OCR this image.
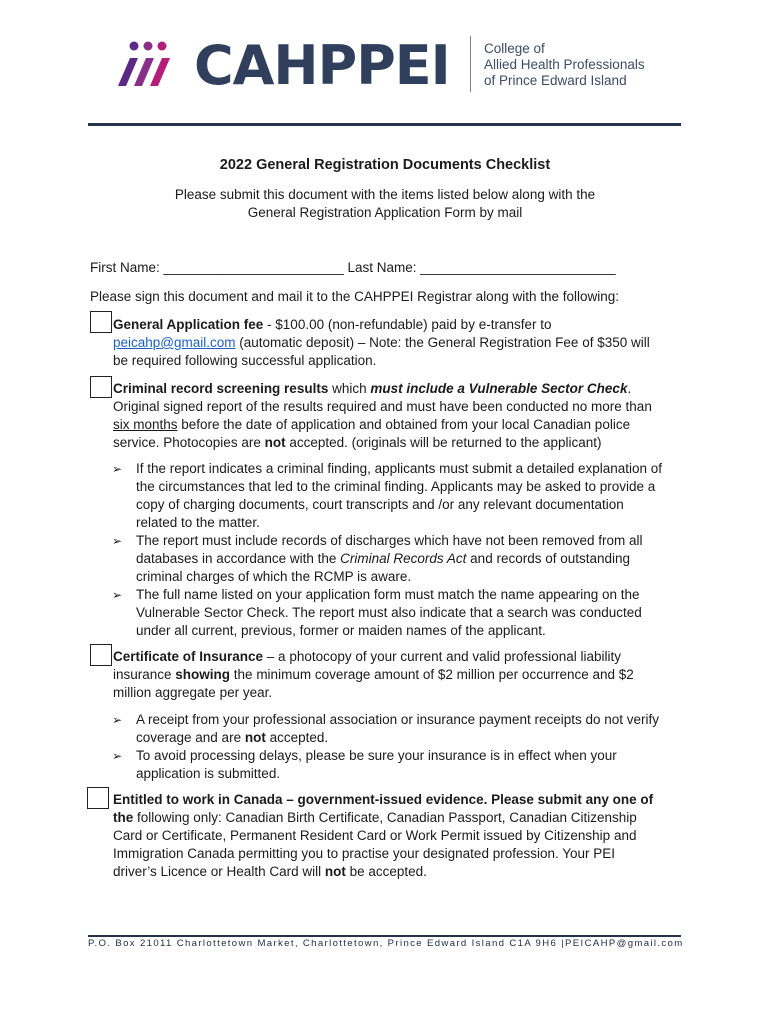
CAHPPEI	College of
Allied Health Professionals
of Prince Edward Island
2022 General Registration Documents Checklist
Please submit this document with the items listed below along with the
General Registration Application Form by mail
First Name: ________________________ Last Name: __________________________
Please sign this document and mail it to the CAHPPEI Registrar along with the following:
General Application fee - $100.00 (non-refundable) paid by e-transfer to
peicahp@gmail.com (automatic deposit) – Note: the General Registration Fee of $350 will
be required following successful application.
Criminal record screening results which must include a Vulnerable Sector Check.
Original signed report of the results required and must have been conducted no more than
six months before the date of application and obtained from your local Canadian police
service. Photocopies are not accepted. (originals will be returned to the applicant)
➢ If the report indicates a criminal finding, applicants must submit a detailed explanation of
the circumstances that led to the criminal finding. Applicants may be asked to provide a
copy of charging documents, court transcripts and /or any relevant documentation
related to the matter.
➢ The report must include records of discharges which have not been removed from all
databases in accordance with the Criminal Records Act and records of outstanding
criminal charges of which the RCMP is aware.
➢ The full name listed on your application form must match the name appearing on the
Vulnerable Sector Check. The report must also indicate that a search was conducted
under all current, previous, former or maiden names of the applicant.
Certificate of Insurance – a photocopy of your current and valid professional liability
insurance showing the minimum coverage amount of $2 million per occurrence and $2
million aggregate per year.
➢ A receipt from your professional association or insurance payment receipts do not verify
coverage and are not accepted.
➢ To avoid processing delays, please be sure your insurance is in effect when your
application is submitted.
Entitled to work in Canada – government-issued evidence. Please submit any one of
the following only: Canadian Birth Certificate, Canadian Passport, Canadian Citizenship
Card or Certificate, Permanent Resident Card or Work Permit issued by Citizenship and
Immigration Canada permitting you to practise your designated profession. Your PEI
driver’s Licence or Health Card will not be accepted.
P.O. Box 21011 Charlottetown Market, Charlottetown, Prince Edward Island C1A 9H6 |PEICAHP@gmail.com
